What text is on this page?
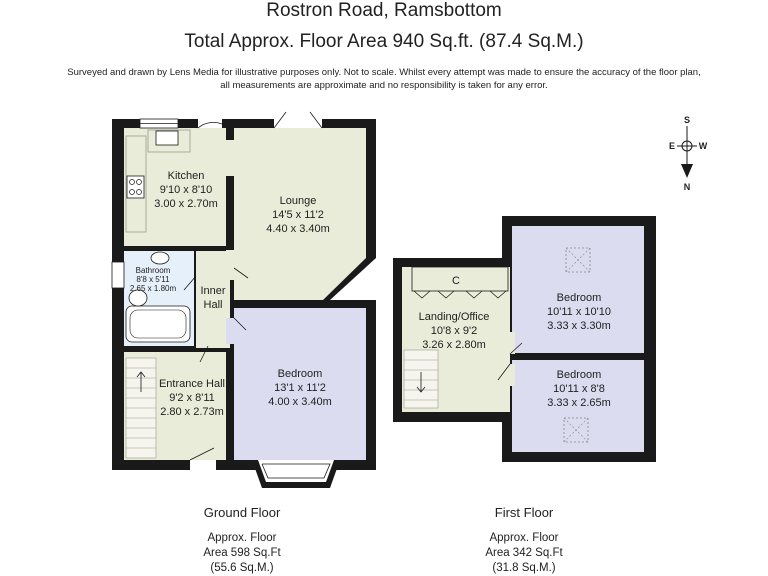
Rostron Road, Ramsbottom
Total Approx. Floor Area 940 Sq.ft. (87.4 Sq.M.)
Surveyed and drawn by Lens Media for illustrative purposes only. Not to scale. Whilst every attempt was made to ensure the accuracy of the floor plan,
all measurements are approximate and no responsibility is taken for any error.
Kitchen
9'10 x 8'10
3.00 x 2.70m	Lounge
14'5 x 11'2
4.40 x 3.40m
Bathroom
8'8 x 5'11
2.65 x 1.80m Inner
Hall
Entrance Hall
9'2 x 8'11
2.80 x 2.73m
Bedroom
13'1 x 11'2
4.00 x 3.40m
C
Landing/Office
10'8 x 9'2
3.26 x 2.80m
Bedroom
10'11 x 10'10
3.33 x 3.30m
Bedroom
10'11 x 8'8
3.33 x 2.65m
S
E	W
N
Ground Floor
Approx. Floor
Area 598 Sq.Ft
(55.6 Sq.M.)
First Floor
Approx. Floor
Area 342 Sq.Ft
(31.8 Sq.M.)
